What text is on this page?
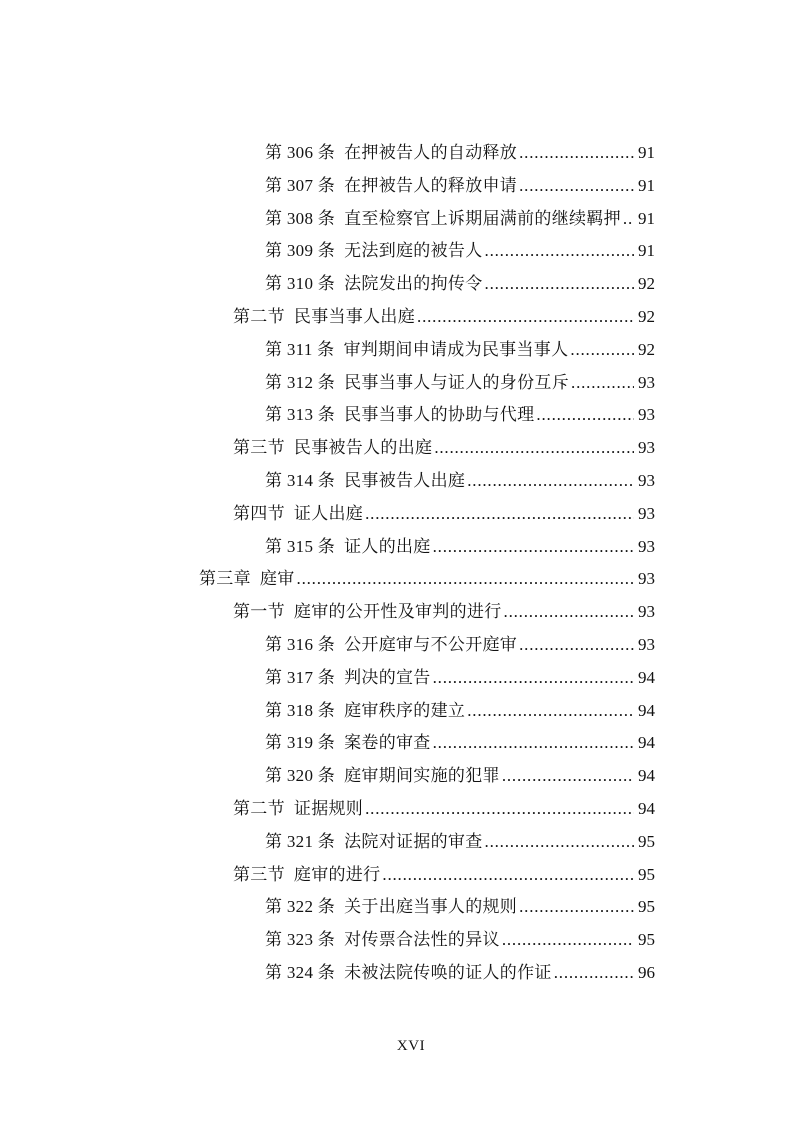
第 306 条 在押被告人的自动释放 .....	91
第 307 条 在押被告人的释放申请 .....	91
第 308 条 直至检察官上诉期届满前的继续羁押 ..... 91
第 309 条 无法到庭的被告人 .....	91
第 310 条 法院发出的拘传令 .....	92
第二节 民事当事人出庭 .....	92
第 311 条 审判期间申请成为民事当事人 .....	92
第 312 条 民事当事人与证人的身份互斥 .....	93
第 313 条 民事当事人的协助与代理 .....	93
第三节 民事被告人的出庭 .....	93
第 314 条 民事被告人出庭 .....	93
第四节 证人出庭 .....	93
第 315 条 证人的出庭 .....	93
第三章 庭审 .....	93
第一节 庭审的公开性及审判的进行 .....	93
第 316 条 公开庭审与不公开庭审 .....	93
第 317 条 判决的宣告 .....	94
第 318 条 庭审秩序的建立 .....	94
第 319 条 案卷的审查 .....	94
第 320 条 庭审期间实施的犯罪 .....	94
第二节 证据规则 .....	94
第 321 条 法院对证据的审查 .....	95
第三节 庭审的进行 .....	95
第 322 条 关于出庭当事人的规则 .....	95
第 323 条 对传票合法性的异议 .....	95
第 324 条 未被法院传唤的证人的作证 .....	96
XVI
